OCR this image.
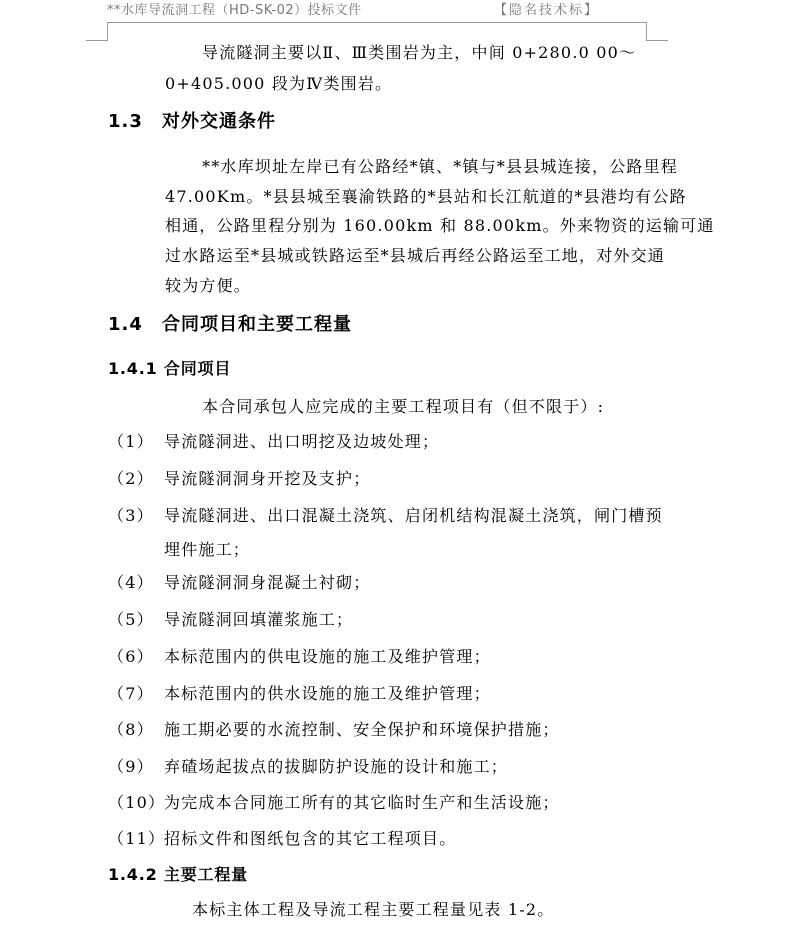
**水库导流洞工程（HD-SK-02）投标文件	【隐名技术标】
导流隧洞主要以Ⅱ、Ⅲ类围岩为主，中间 0+280.0 00～
0+405.000 段为Ⅳ类围岩。
1.3 对外交通条件
**水库坝址左岸已有公路经*镇、*镇与*县县城连接，公路里程
47.00Km。*县县城至襄渝铁路的*县站和长江航道的*县港均有公路
相通，公路里程分别为 160.00km 和 88.00km。外来物资的运输可通
过水路运至*县城或铁路运至*县城后再经公路运至工地，对外交通
较为方便。
1.4 合同项目和主要工程量
1.4.1 合同项目
本合同承包人应完成的主要工程项目有（但不限于）:
（1） 导流隧洞进、出口明挖及边坡处理；
（2） 导流隧洞洞身开挖及支护；
（3） 导流隧洞进、出口混凝土浇筑、启闭机结构混凝土浇筑，闸门槽预
埋件施工；
（4） 导流隧洞洞身混凝土衬砌；
（5） 导流隧洞回填灌浆施工；
（6） 本标范围内的供电设施的施工及维护管理；
（7） 本标范围内的供水设施的施工及维护管理；
（8） 施工期必要的水流控制、安全保护和环境保护措施；
（9） 弃碴场起拔点的拔脚防护设施的设计和施工；
（10）
为完成本合同施工所有的其它临时生产和生活设施；
（11）
招标文件和图纸包含的其它工程项目。
1.4.2 主要工程量
本标主体工程及导流工程主要工程量见表 1-2。
